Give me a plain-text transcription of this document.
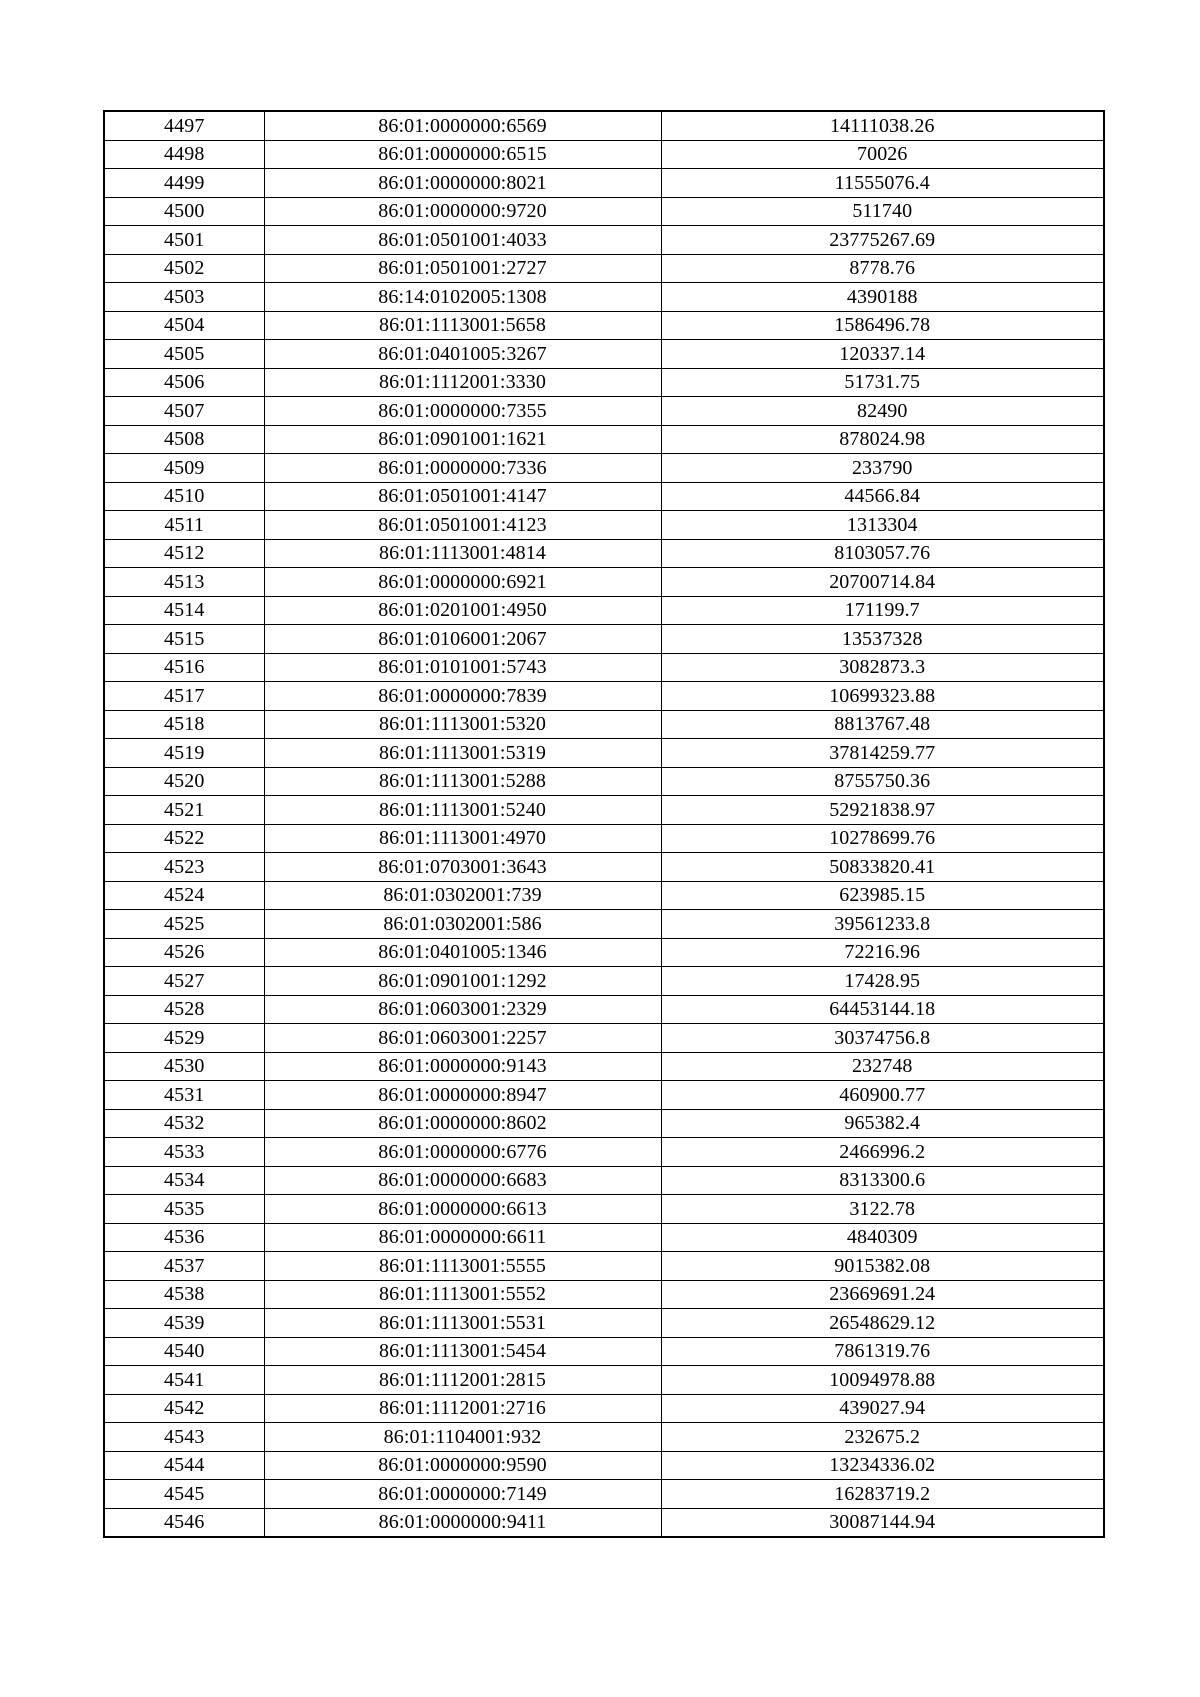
4497	86:01:0000000:6569	14111038.26
4498	86:01:0000000:6515	70026
4499	86:01:0000000:8021	11555076.4
4500	86:01:0000000:9720	511740
4501	86:01:0501001:4033	23775267.69
4502	86:01:0501001:2727	8778.76
4503	86:14:0102005:1308	4390188
4504	86:01:1113001:5658	1586496.78
4505	86:01:0401005:3267	120337.14
4506	86:01:1112001:3330	51731.75
4507	86:01:0000000:7355	82490
4508	86:01:0901001:1621	878024.98
4509	86:01:0000000:7336	233790
4510	86:01:0501001:4147	44566.84
4511	86:01:0501001:4123	1313304
4512	86:01:1113001:4814	8103057.76
4513	86:01:0000000:6921	20700714.84
4514	86:01:0201001:4950	171199.7
4515	86:01:0106001:2067	13537328
4516	86:01:0101001:5743	3082873.3
4517	86:01:0000000:7839	10699323.88
4518	86:01:1113001:5320	8813767.48
4519	86:01:1113001:5319	37814259.77
4520	86:01:1113001:5288	8755750.36
4521	86:01:1113001:5240	52921838.97
4522	86:01:1113001:4970	10278699.76
4523	86:01:0703001:3643	50833820.41
4524	86:01:0302001:739	623985.15
4525	86:01:0302001:586	39561233.8
4526	86:01:0401005:1346	72216.96
4527	86:01:0901001:1292	17428.95
4528	86:01:0603001:2329	64453144.18
4529	86:01:0603001:2257	30374756.8
4530	86:01:0000000:9143	232748
4531	86:01:0000000:8947	460900.77
4532	86:01:0000000:8602	965382.4
4533	86:01:0000000:6776	2466996.2
4534	86:01:0000000:6683	8313300.6
4535	86:01:0000000:6613	3122.78
4536	86:01:0000000:6611	4840309
4537	86:01:1113001:5555	9015382.08
4538	86:01:1113001:5552	23669691.24
4539	86:01:1113001:5531	26548629.12
4540	86:01:1113001:5454	7861319.76
4541	86:01:1112001:2815	10094978.88
4542	86:01:1112001:2716	439027.94
4543	86:01:1104001:932	232675.2
4544	86:01:0000000:9590	13234336.02
4545	86:01:0000000:7149	16283719.2
4546	86:01:0000000:9411	30087144.94
